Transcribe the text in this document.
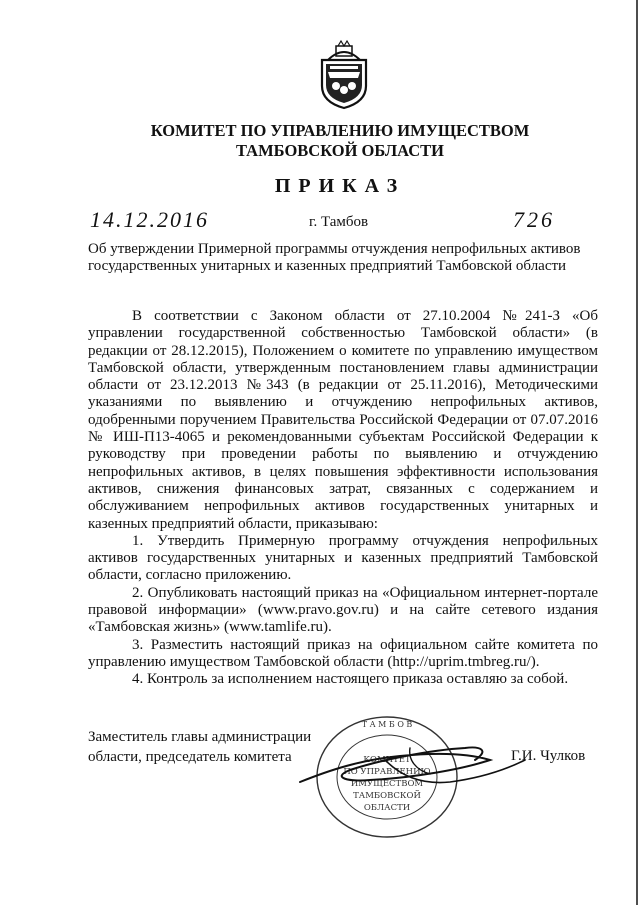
КОМИТЕТ ПО УПРАВЛЕНИЮ ИМУЩЕСТВОМ
ТАМБОВСКОЙ ОБЛАСТИ
ПРИКАЗ
14.12.2016	г. Тамбов	726
Об утверждении Примерной программы отчуждения непрофильных активов
государственных унитарных и казенных предприятий Тамбовской области

В соответствии с Законом области от 27.10.2004 №241-З «Об управлении государственной собственностью Тамбовской области» (в редакции от 28.12.2015), Положением о комитете по управлению имуществом Тамбовской области, утвержденным постановлением главы администрации области от 23.12.2013 №343 (в редакции от 25.11.2016), Методическими указаниями по выявлению и отчуждению непрофильных активов, одобренными поручением Правительства Российской Федерации от 07.07.2016 № ИШ-П13-4065 и рекомендованными субъектам Российской Федерации к руководству при проведении работы по выявлению и отчуждению непрофильных активов, в целях повышения эффективности использования активов, снижения финансовых затрат, связанных с содержанием и обслуживанием непрофильных активов государственных унитарных и казенных предприятий области, приказываю:

1. Утвердить Примерную программу отчуждения непрофильных активов государственных унитарных и казенных предприятий Тамбовской области, согласно приложению.

2. Опубликовать настоящий приказ на «Официальном интернет-портале правовой информации» (www.pravo.gov.ru) и на сайте сетевого издания «Тамбовская жизнь» (www.tamlife.ru).

3. Разместить настоящий приказ на официальном сайте комитета по управлению имуществом Тамбовской области (http://uprim.tmbreg.ru/).

4. Контроль за исполнением настоящего приказа оставляю за собой.

Заместитель главы администрации
области, председатель комитета	Г.И. Чулков
Т А М Б О В
КОМИТЕТ
ПО УПРАВЛЕНИЮ
ИМУЩЕСТВОМ
ТАМБОВСКОЙ
ОБЛАСТИ
